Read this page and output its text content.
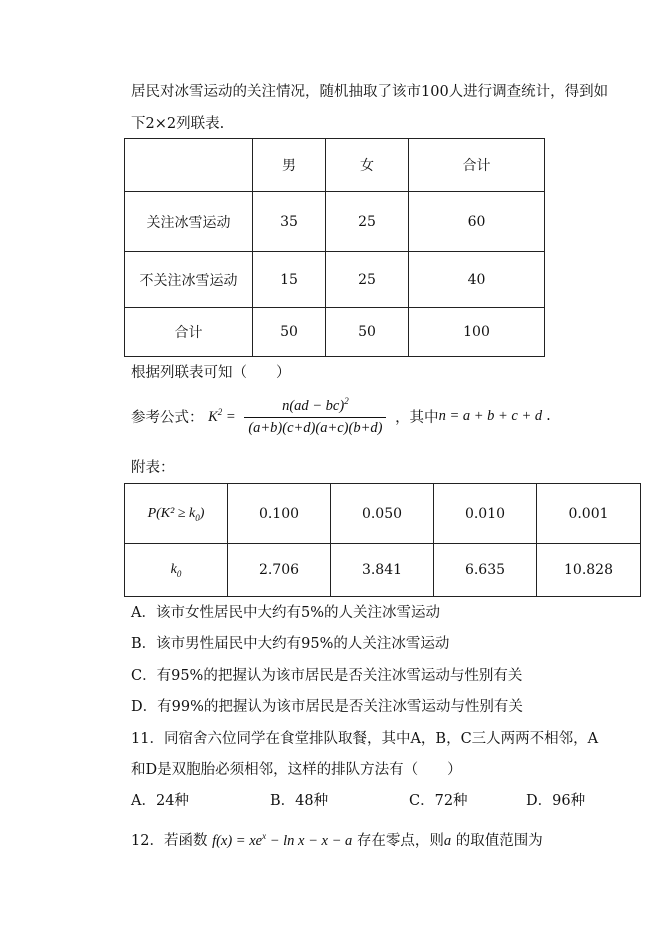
居民对冰雪运动的关注情况，随机抽取了该市100人进行调查统计，得到如
下2×2列联表.
	男	女	合计
关注冰雪运动	35	25	60
不关注冰雪运动	15	25	40
合计	50	50	100
根据列联表可知（　　）
参考公式： $K^2 = \frac{n(ad - bc)^2}{(a+b)(c+d)(a+c)(b+d)}$ ，其中n = a + b + c + d .
附表：
$P(K^2 \ge k_0)$	0.100	0.050	0.010	0.001
$k_0$	2.706	3.841	6.635	10.828
A．该市女性居民中大约有5%的人关注冰雪运动
B．该市男性届民中大约有95%的人关注冰雪运动
C．有95%的把握认为该市居民是否关注冰雪运动与性别有关
D．有99%的把握认为该市居民是否关注冰雪运动与性别有关
11．同宿舍六位同学在食堂排队取餐，其中A，B，C三人两两不相邻，A
和D是双胞胎必须相邻，这样的排队方法有（　　）
A．24种	B．48种	C．72种	D．96种
12．若函数 $f(x) = xe^x - \ln x - x - a$ 存在零点，则a 的取值范围为
